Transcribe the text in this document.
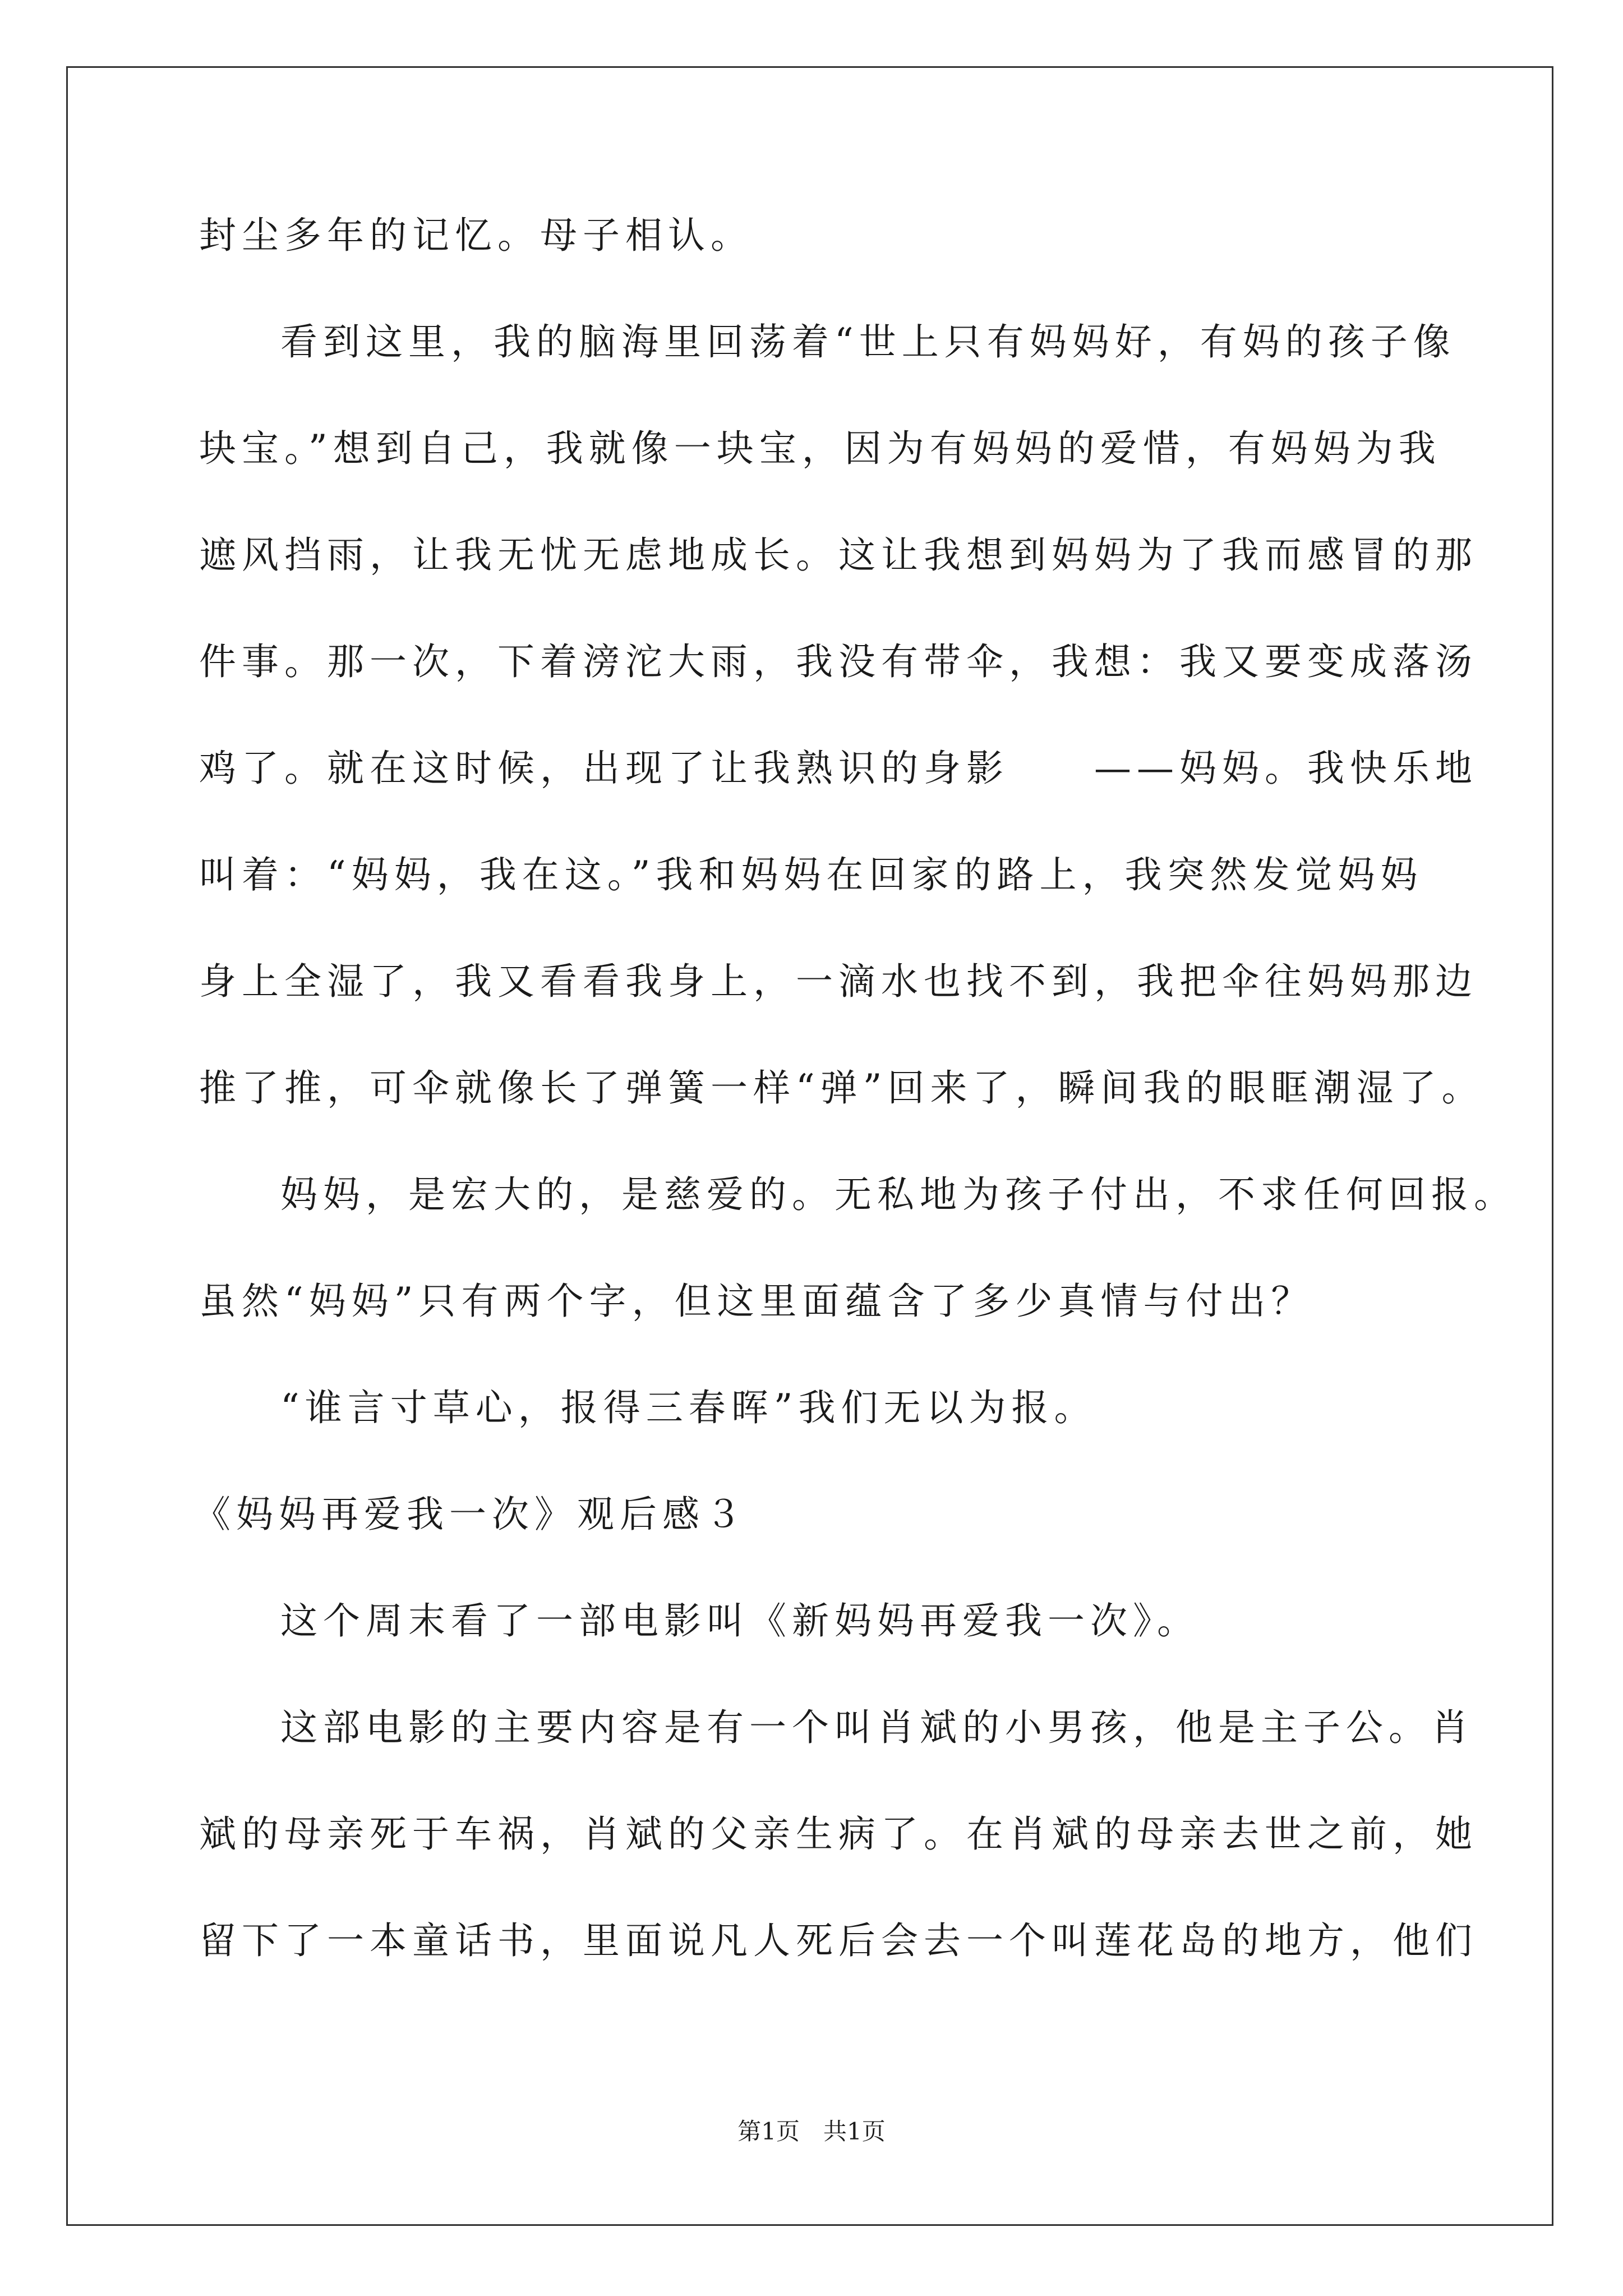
封尘多年的记忆。母子相认。
看到这里，我的脑海里回荡着“世上只有妈妈好，有妈的孩子像
块宝。”想到自己，我就像一块宝，因为有妈妈的爱惜，有妈妈为我
遮风挡雨，让我无忧无虑地成长。这让我想到妈妈为了我而感冒的那
件事。那一次，下着滂沱大雨，我没有带伞，我想：我又要变成落汤
鸡了。就在这时候，出现了让我熟识的身影　　——妈妈。我快乐地
叫着：“妈妈，我在这。”我和妈妈在回家的路上，我突然发觉妈妈
身上全湿了，我又看看我身上，一滴水也找不到，我把伞往妈妈那边
推了推，可伞就像长了弹簧一样“弹”回来了，瞬间我的眼眶潮湿了。
妈妈，是宏大的，是慈爱的。无私地为孩子付出，不求任何回报。
虽然“妈妈”只有两个字，但这里面蕴含了多少真情与付出？
“谁言寸草心，报得三春晖”我们无以为报。
《妈妈再爱我一次》观后感３
这个周末看了一部电影叫《新妈妈再爱我一次》。
这部电影的主要内容是有一个叫肖斌的小男孩，他是主子公。肖
斌的母亲死于车祸，肖斌的父亲生病了。在肖斌的母亲去世之前，她
留下了一本童话书，里面说凡人死后会去一个叫莲花岛的地方，他们
第1页　共1页
